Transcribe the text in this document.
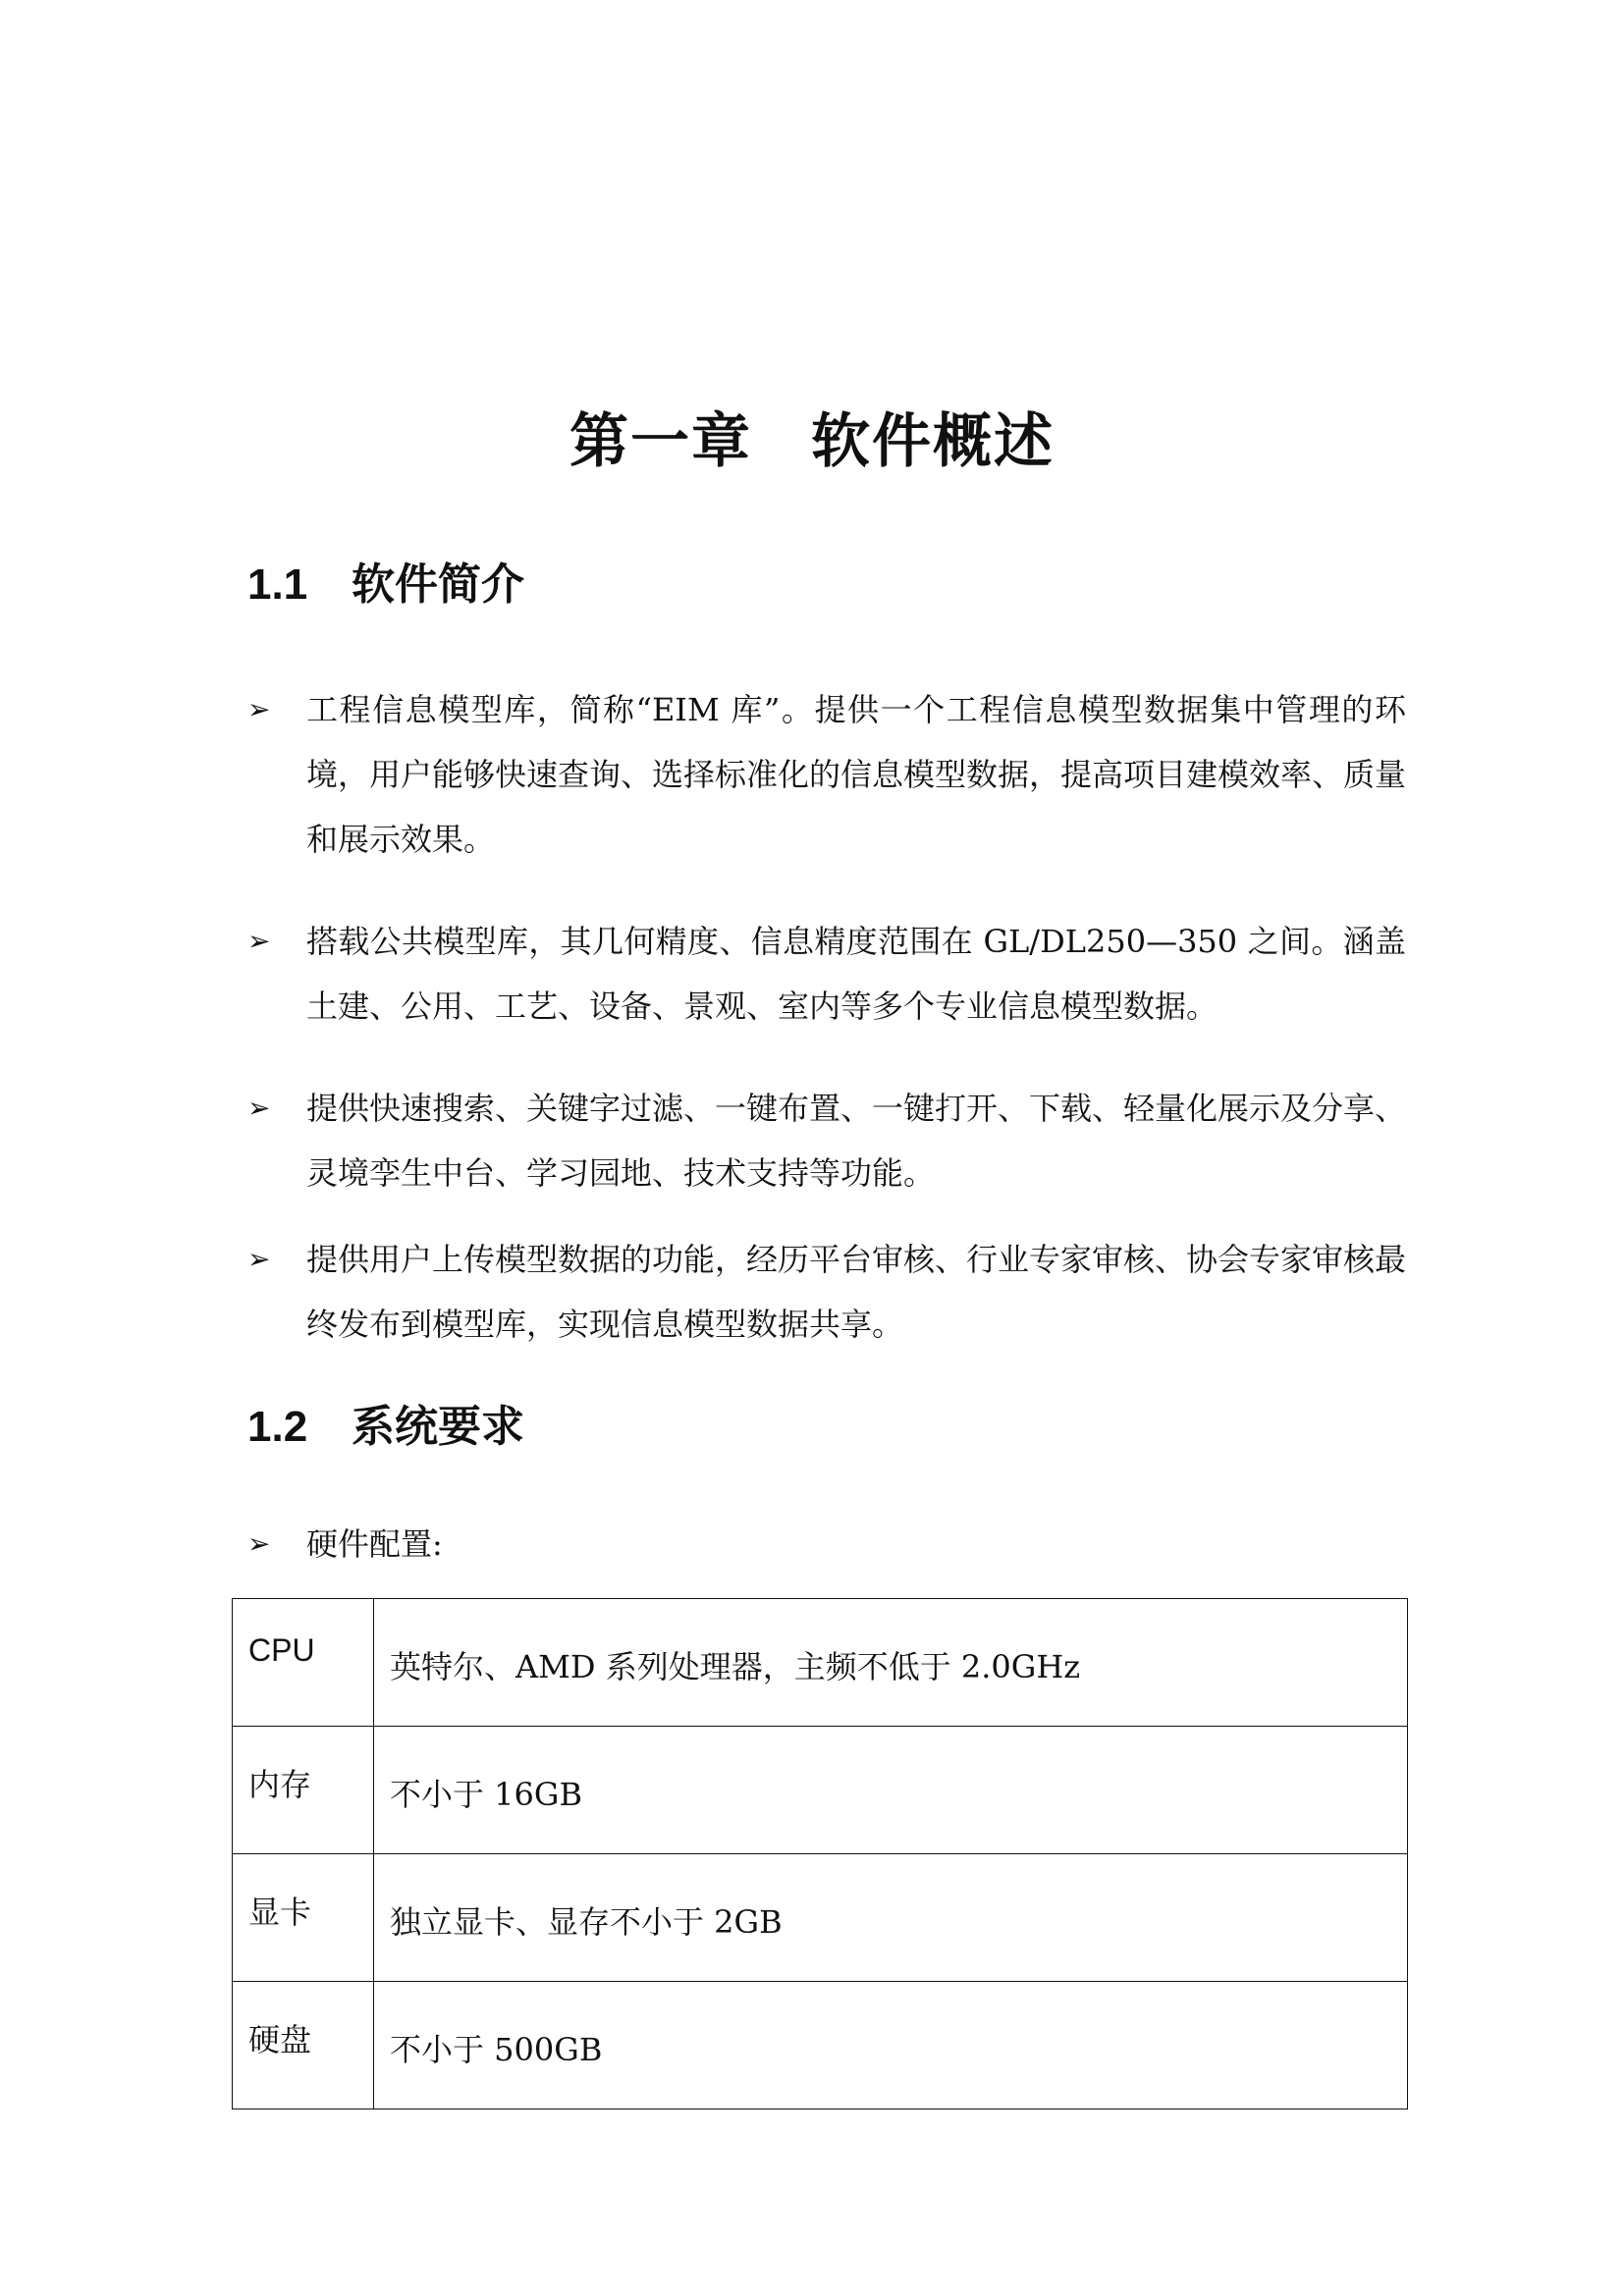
第一章 软件概述
1.1 软件简介
➢ 工程信息模型库，简称“EIM 库”。提供一个工程信息模型数据集中管理的环境，用户能够快速查询、选择标准化的信息模型数据，提高项目建模效率、质量和展示效果。
➢ 搭载公共模型库，其几何精度、信息精度范围在 GL/DL250—350 之间。涵盖土建、公用、工艺、设备、景观、室内等多个专业信息模型数据。
➢ 提供快速搜索、关键字过滤、一键布置、一键打开、下载、轻量化展示及分享、灵境孪生中台、学习园地、技术支持等功能。
➢ 提供用户上传模型数据的功能，经历平台审核、行业专家审核、协会专家审核最终发布到模型库，实现信息模型数据共享。
1.2 系统要求
➢ 硬件配置:
CPU	英特尔、AMD 系列处理器，主频不低于 2.0GHz
内存	不小于 16GB
显卡	独立显卡、显存不小于 2GB
硬盘	不小于 500GB
